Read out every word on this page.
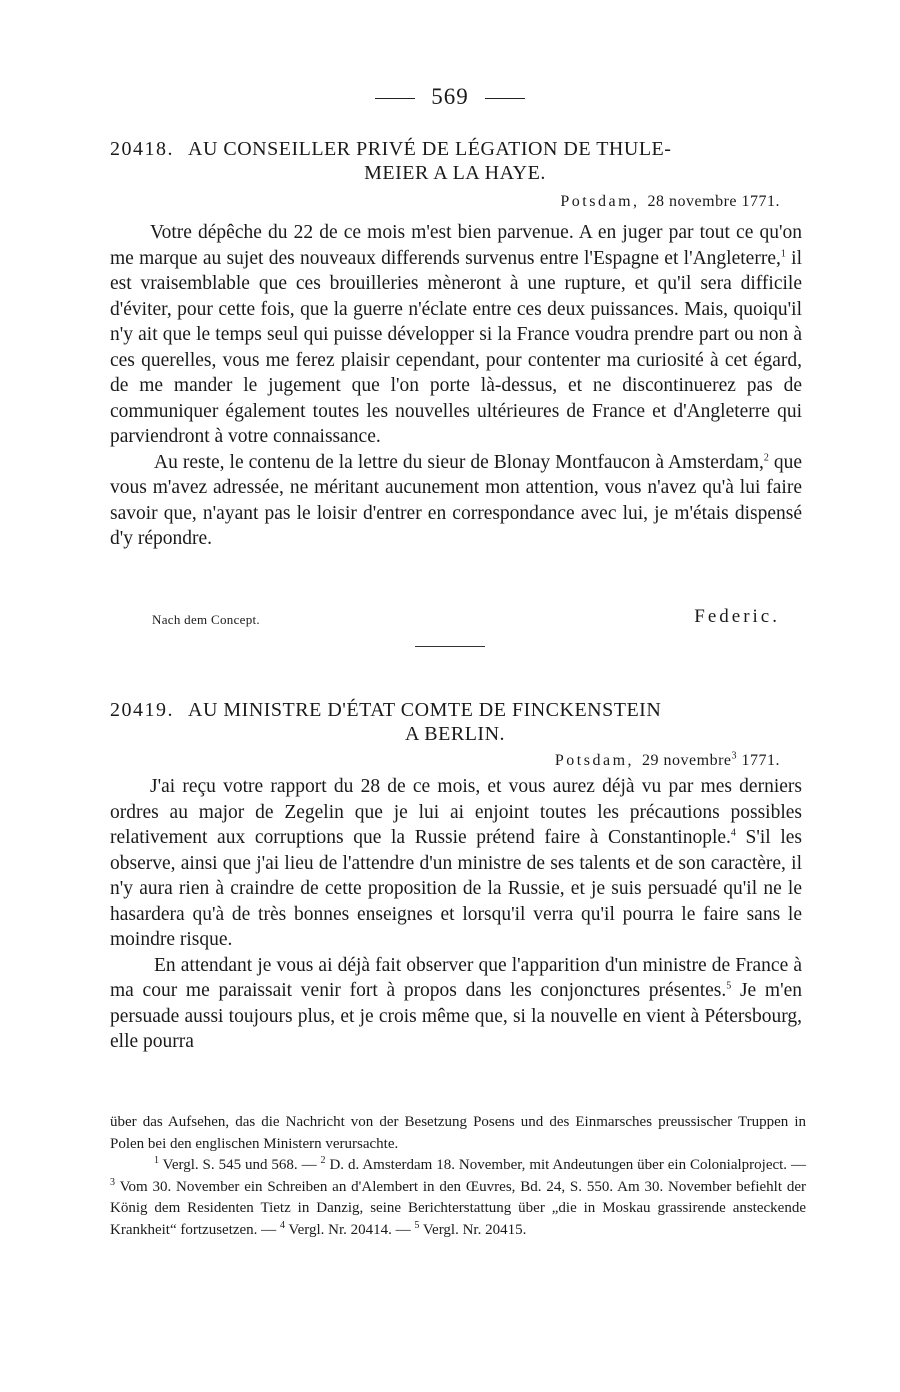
569
20418. AU CONSEILLER PRIVÉ DE LÉGATION DE THULE-
MEIER A LA HAYE.
Potsdam, 28 novembre 1771.

Votre dépêche du 22 de ce mois m'est bien parvenue. A en juger par tout ce qu'on me marque au sujet des nouveaux differends survenus entre l'Espagne et l'Angleterre,$^1$ il est vraisemblable que ces brouilleries mèneront à une rupture, et qu'il sera difficile d'éviter, pour cette fois, que la guerre n'éclate entre ces deux puissances. Mais, quoiqu'il n'y ait que le temps seul qui puisse développer si la France voudra prendre part ou non à ces querelles, vous me ferez plaisir cependant, pour contenter ma curiosité à cet égard, de me mander le jugement que l'on porte là-dessus, et ne discontinuerez pas de communiquer également toutes les nouvelles ultérieures de France et d'Angleterre qui parviendront à votre connaissance.

Au reste, le contenu de la lettre du sieur de Blonay Montfaucon à Amsterdam,$^2$ que vous m'avez adressée, ne méritant aucunement mon attention, vous n'avez qu'à lui faire savoir que, n'ayant pas le loisir d'entrer en correspondance avec lui, je m'étais dispensé d'y répondre.

Nach dem Concept.	Federic.
20419. AU MINISTRE D'ÉTAT COMTE DE FINCKENSTEIN
A BERLIN.
Potsdam, 29 novembre$^3$ 1771.

J'ai reçu votre rapport du 28 de ce mois, et vous aurez déjà vu par mes derniers ordres au major de Zegelin que je lui ai enjoint toutes les précautions possibles relativement aux corruptions que la Russie prétend faire à Constantinople.$^4$ S'il les observe, ainsi que j'ai lieu de l'attendre d'un ministre de ses talents et de son caractère, il n'y aura rien à craindre de cette proposition de la Russie, et je suis persuadé qu'il ne le hasardera qu'à de très bonnes enseignes et lorsqu'il verra qu'il pourra le faire sans le moindre risque.

En attendant je vous ai déjà fait observer que l'apparition d'un ministre de France à ma cour me paraissait venir fort à propos dans les conjonctures présentes.$^5$ Je m'en persuade aussi toujours plus, et je crois même que, si la nouvelle en vient à Pétersbourg, elle pourra

über das Aufsehen, das die Nachricht von der Besetzung Posens und des Einmarsches preussischer Truppen in Polen bei den englischen Ministern verursachte.

$^1$ Vergl. S. 545 und 568. — $^2$ D. d. Amsterdam 18. November, mit Andeutungen über ein Colonialproject. — $^3$ Vom 30. November ein Schreiben an d'Alembert in den Œuvres, Bd. 24, S. 550. Am 30. November befiehlt der König dem Residenten Tietz in Danzig, seine Berichterstattung über „die in Moskau grassirende ansteckende Krankheit“ fortzusetzen. — $^4$ Vergl. Nr. 20414. — $^5$ Vergl. Nr. 20415.
